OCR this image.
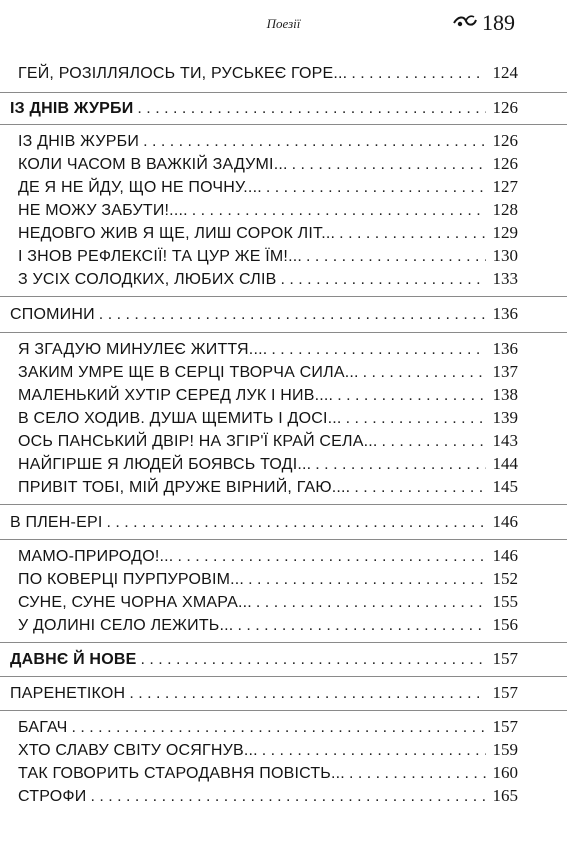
Поезії	189
ГЕЙ, РОЗІЛЛЯЛОСЬ ТИ, РУСЬКЕЄ ГОРЕ... . . .	124
ІЗ ДНІВ ЖУРБИ . . .	126
ІЗ ДНІВ ЖУРБИ . . .	126
КОЛИ ЧАСОМ В ВАЖКІЙ ЗАДУМІ... . . .	126
ДЕ Я НЕ ЙДУ, ЩО НЕ ПОЧНУ.... . . .	127
НЕ МОЖУ ЗАБУТИ!.... . . .	128
НЕДОВГО ЖИВ Я ЩЕ, ЛИШ СОРОК ЛІТ... . . .	129
І ЗНОВ РЕФЛЕКСІЇ! ТА ЦУР ЖЕ ЇМ!... . . .	130
З УСІХ СОЛОДКИХ, ЛЮБИХ СЛІВ . . .	133
СПОМИНИ . . .	136
Я ЗГАДУЮ МИНУЛЕЄ ЖИТТЯ.... . . .	136
ЗАКИМ УМРЕ ЩЕ В СЕРЦІ ТВОРЧА СИЛА... . . .	137
МАЛЕНЬКИЙ ХУТІР СЕРЕД ЛУК І НИВ.... . . .	138
В СЕЛО ХОДИВ. ДУША ЩЕМИТЬ І ДОСІ... . . .	139
ОСЬ ПАНСЬКИЙ ДВІР! НА ЗГІР'Ї КРАЙ СЕЛА... . . .	143
НАЙГІРШЕ Я ЛЮДЕЙ БОЯВСЬ ТОДІ... . . .	144
ПРИВІТ ТОБІ, МІЙ ДРУЖЕ ВІРНИЙ, ГАЮ.... . . .	145
В ПЛЕН-ЕРІ . . .	146
МАМО-ПРИРОДО!... . . .	146
ПО КОВЕРЦІ ПУРПУРОВІМ... . . .	152
СУНЕ, СУНЕ ЧОРНА ХМАРА... . . .	155
У ДОЛИНІ СЕЛО ЛЕЖИТЬ... . . .	156
ДАВНЄ Й НОВЕ . . .	157
ПАРЕНЕТІКОН . . .	157
БАГАЧ . . .	157
ХТО СЛАВУ СВІТУ ОСЯГНУВ... . . .	159
ТАК ГОВОРИТЬ СТАРОДАВНЯ ПОВІСТЬ... . . .	160
СТРОФИ . . .	165
